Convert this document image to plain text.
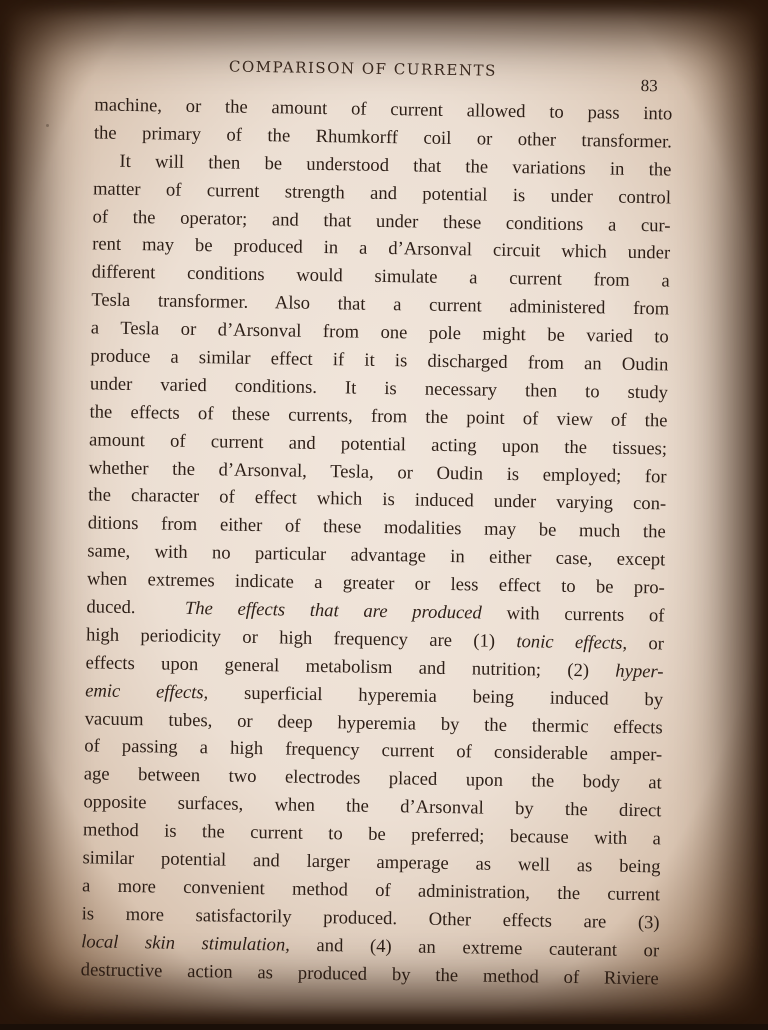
COMPARISON OF CURRENTS
83
machine, or the amount of current allowed to pass into
the primary of the Rhumkorff coil or other transformer.
It will then be understood that the variations in the
matter of current strength and potential is under control
of the operator; and that under these conditions a cur-
rent may be produced in a d’Arsonval circuit which under
different conditions would simulate a current from a
Tesla transformer. Also that a current administered from
a Tesla or d’Arsonval from one pole might be varied to
produce a similar effect if it is discharged from an Oudin
under varied conditions. It is necessary then to study
the effects of these currents, from the point of view of the
amount of current and potential acting upon the tissues;
whether the d’Arsonval, Tesla, or Oudin is employed; for
the character of effect which is induced under varying con-
ditions from either of these modalities may be much the
same, with no particular advantage in either case, except
when extremes indicate a greater or less effect to be pro-
duced.	The effects that are produced with currents of
high periodicity or high frequency are (1) tonic effects, or
effects upon general metabolism and nutrition; (2) hyper-
emic effects, superficial hyperemia being induced by
vacuum tubes, or deep hyperemia by the thermic effects
of passing a high frequency current of considerable amper-
age between two electrodes placed upon the body at
opposite surfaces, when the d’Arsonval by the direct
method is the current to be preferred; because with a
similar potential and larger amperage as well as being
a more convenient method of administration, the current
is more satisfactorily produced. Other effects are (3)
local skin stimulation, and (4) an extreme cauterant or
destructive action as produced by the method of Riviere
